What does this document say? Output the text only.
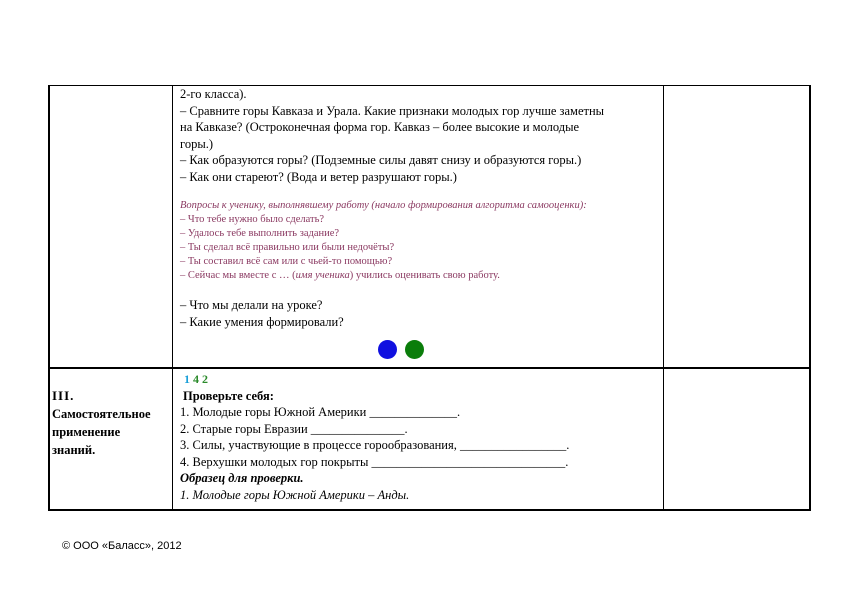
2-го класса).
– Сравните горы Кавказа и Урала. Какие признаки молодых гор лучше заметны
на Кавказе? (Остроконечная форма гор. Кавказ – более высокие и молодые
горы.)
– Как образуются горы? (Подземные силы давят снизу и образуются горы.)
– Как они стареют? (Вода и ветер разрушают горы.)
Вопросы к ученику, выполнявшему работу (начало формирования алгоритма самооценки):
– Что тебе нужно было сделать?
– Удалось тебе выполнить задание?
– Ты сделал всё правильно или были недочёты?
– Ты составил всё сам или с чьей-то помощью?
– Сейчас мы вместе с … (имя ученика) учились оценивать свою работу.
– Что мы делали на уроке?
– Какие умения формировали?
III.
Самостоятельное
применение
знаний.
1 4 2
Проверьте себя:
1. Молодые горы Южной Америки ______________.
2. Старые горы Евразии _______________.
3. Силы, участвующие в процессе горообразования, _________________.
4. Верхушки молодых гор покрыты _______________________________.
Образец для проверки.
1. Молодые горы Южной Америки – Анды.
© ООО «Баласс», 2012
